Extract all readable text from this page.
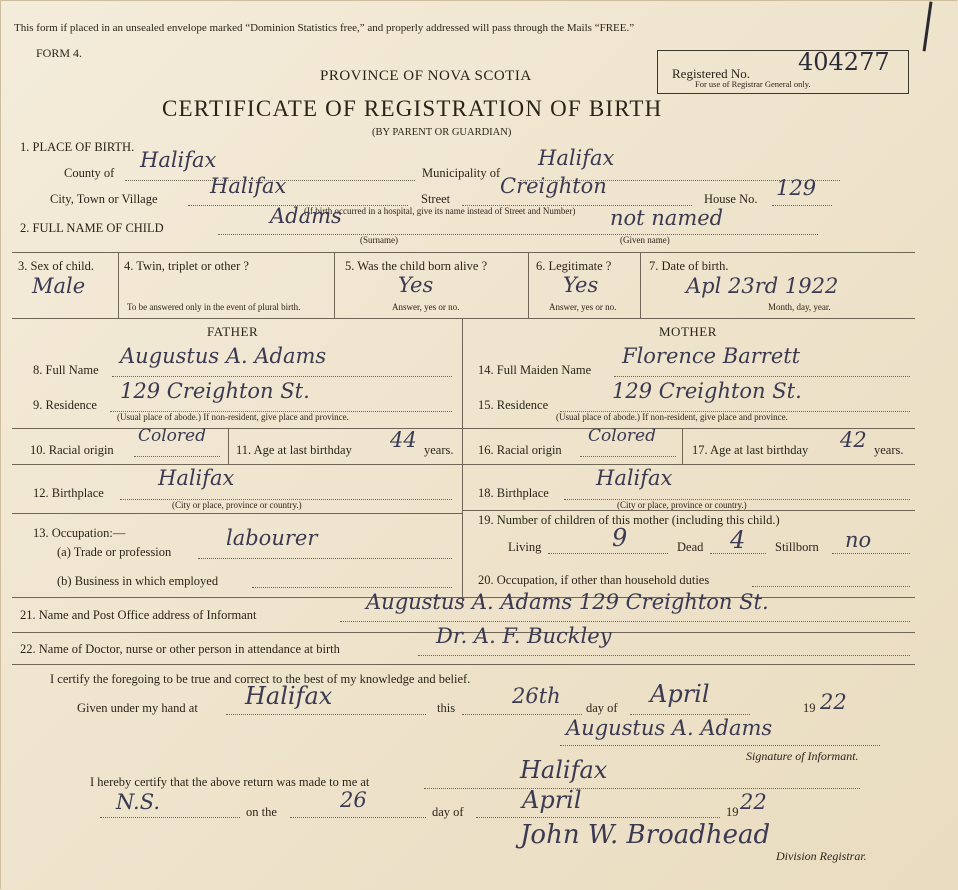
This form if placed in an unsealed envelope marked “Dominion Statistics free,” and properly addressed will pass through the Mails “FREE.”
FORM 4.
PROVINCE OF NOVA SCOTIA
CERTIFICATE OF REGISTRATION OF BIRTH
(BY PARENT OR GUARDIAN)
Registered No. 404277
For use of Registrar General only.
1. PLACE OF BIRTH.
County of
Halifax
Municipality of
Halifax
City, Town or Village
Halifax
Street
Creighton
House No. 129
(If birth occurred in a hospital, give its name instead of Street and Number)
2. FULL NAME OF CHILD	Adams
(Surname)
not named
(Given name)
3. Sex of child.
Male
4. Twin, triplet or other ?
To be answered only in the event of plural birth.
5. Was the child born alive ?
Yes
Answer, yes or no.
6. Legitimate ?
Yes
Answer, yes or no.
7. Date of birth.
Apl 23rd 1922
Month, day, year.
FATHER	MOTHER
8. Full Name
Augustus A. Adams
9. Residence
129 Creighton St.
(Usual place of abode.) If non-resident, give place and province.
10. Racial origin
Colored
11. Age at last birthday 44 years.
12. Birthplace
Halifax
(City or place, province or country.)
13. Occupation:—
(a) Trade or profession
labourer
(b) Business in which employed
14. Full Maiden Name
Florence Barrett
15. Residence
129 Creighton St.
(Usual place of abode.) If non-resident, give place and province.
16. Racial origin
Colored
17. Age at last birthday 42 years.
18. Birthplace
Halifax
(City or place, province or country.)
19. Number of children of this mother (including this child.)
Living	9	Dead 4 Stillborn no
20. Occupation, if other than household duties
21. Name and Post Office address of Informant
Augustus A. Adams 129 Creighton St.
22. Name of Doctor, nurse or other person in attendance at birth
Dr. A. F. Buckley
I certify the foregoing to be true and correct to the best of my knowledge and belief.
Given under my hand at Halifax	this	26th day of April	19 22
Augustus A. Adams
Signature of Informant.
I hereby certify that the above return was made to me at	Halifax
N.S.	on the	26	day of April	19 22
John W. Broadhead
Division Registrar.
